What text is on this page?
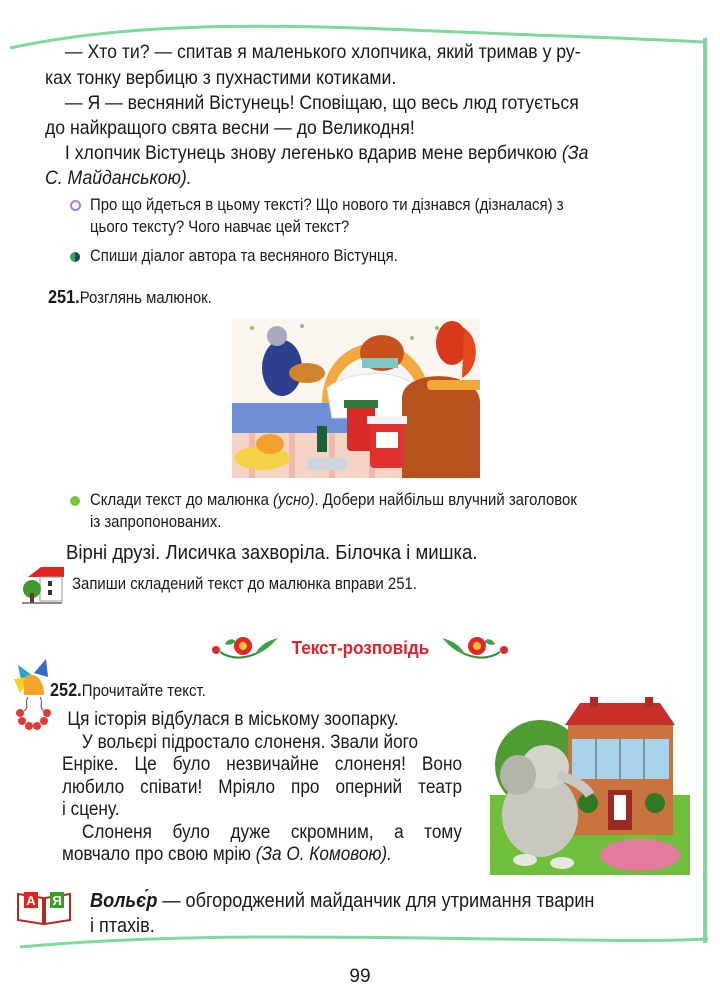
— Хто ти? — спитав я маленького хлопчика, який тримав у ру-
ках тонку вербицю з пухнастими котиками.
— Я — весняний Вістунець! Сповіщаю, що весь люд готується
до найкращого свята весни — до Великодня!
І хлопчик Вістунець знову легенько вдарив мене вербичкою (За
С. Майданською).
Про що йдеться в цьому тексті? Що нового ти дізнався (дізналася) з
цього тексту? Чого навчає цей текст?
Спиши діалог автора та весняного Вістунця.
251.Розглянь малюнок.
Склади текст до малюнка (усно). Добери найбільш влучний заголовок
із запропонованих.
Вірні друзі. Лисичка захворіла. Білочка і мишка.
Запиши складений текст до малюнка вправи 251.
Текст-розповідь
252.Прочитайте текст.
Ця історія відбулася в міському зоопарку.
У вольєрі підростало слоненя. Звали його
Енріке. Це було незвичайне слоненя! Воно
любило співати! Мріяло про оперний театр
і сцену.
Слоненя було дуже скромним, а тому
мовчало про свою мрію (За О. Комовою).
А Я Вольє́р — обгороджений майданчик для утримання тварин
і птахів.
99
